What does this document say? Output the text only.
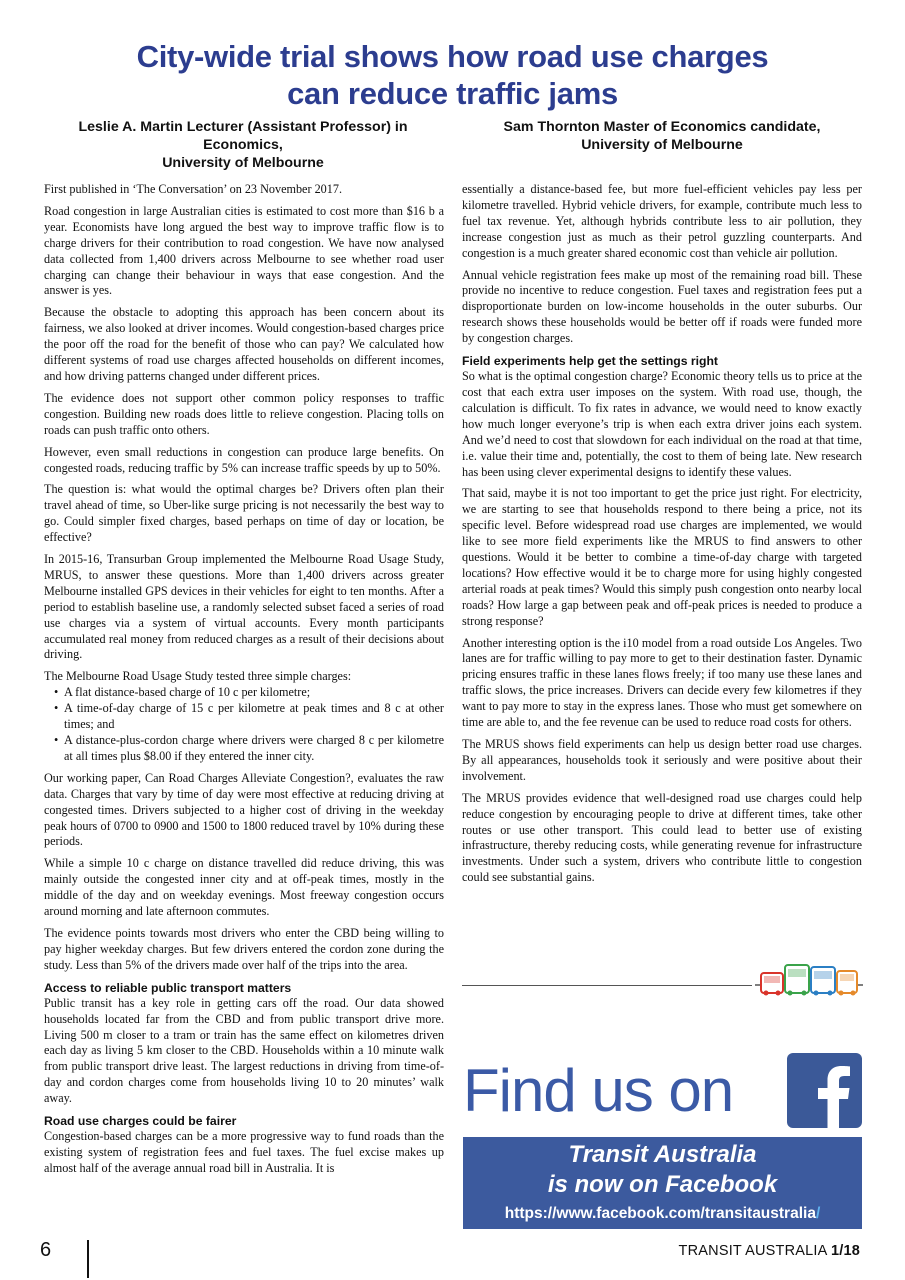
City-wide trial shows how road use charges
can reduce traffic jams
Leslie A. Martin Lecturer (Assistant Professor) in
Economics,
University of Melbourne
Sam Thornton Master of Economics candidate,
University of Melbourne

First published in ‘The Conversation’ on 23 November 2017.

Road congestion in large Australian cities is estimated to cost more than $16 b a year. Economists have long argued the best way to improve traffic flow is to charge drivers for their contribution to road congestion. We have now analysed data collected from 1,400 drivers across Melbourne to see whether road user charging can change their behaviour in ways that ease congestion. And the answer is yes.

Because the obstacle to adopting this approach has been concern about its fairness, we also looked at driver incomes. Would congestion-based charges price the poor off the road for the benefit of those who can pay? We calculated how different systems of road use charges affected households on different incomes, and how driving patterns changed under different prices.

The evidence does not support other common policy responses to traffic congestion. Building new roads does little to relieve congestion. Placing tolls on roads can push traffic onto others.

However, even small reductions in congestion can produce large benefits. On congested roads, reducing traffic by 5% can increase traffic speeds by up to 50%.

The question is: what would the optimal charges be? Drivers often plan their travel ahead of time, so Uber-like surge pricing is not necessarily the best way to go. Could simpler fixed charges, based perhaps on time of day or location, be effective?

In 2015-16, Transurban Group implemented the Melbourne Road Usage Study, MRUS, to answer these questions. More than 1,400 drivers across greater Melbourne installed GPS devices in their vehicles for eight to ten months. After a period to establish baseline use, a randomly selected subset faced a series of road use charges via a system of virtual accounts. Every month participants accumulated real money from reduced charges as a result of their decisions about driving.

The Melbourne Road Usage Study tested three simple charges:

• A flat distance-based charge of 10 c per kilometre;
• A time-of-day charge of 15 c per kilometre at peak times and 8 c at other times; and
• A distance-plus-cordon charge where drivers were charged 8 c per kilometre at all times plus $8.00 if they entered the inner city.

Our working paper, Can Road Charges Alleviate Congestion?, evaluates the raw data. Charges that vary by time of day were most effective at reducing driving at congested times. Drivers subjected to a higher cost of driving in the weekday peak hours of 0700 to 0900 and 1500 to 1800 reduced travel by 10% during these periods.

While a simple 10 c charge on distance travelled did reduce driving, this was mainly outside the congested inner city and at off-peak times, mostly in the middle of the day and on weekday evenings. Most freeway congestion occurs around morning and late afternoon commutes.

The evidence points towards most drivers who enter the CBD being willing to pay higher weekday charges. But few drivers entered the cordon zone during the study. Less than 5% of the drivers made over half of the trips into the area.

Access to reliable public transport matters

Public transit has a key role in getting cars off the road. Our data showed households located far from the CBD and from public transport drive more. Living 500 m closer to a tram or train has the same effect on kilometres driven each day as living 5 km closer to the CBD. Households within a 10 minute walk from public transport drive least. The largest reductions in driving from time-of-day and cordon charges come from households living 10 to 20 minutes’ walk away.

Road use charges could be fairer

Congestion-based charges can be a more progressive way to fund roads than the existing system of registration fees and fuel taxes. The fuel excise makes up almost half of the average annual road bill in Australia. It is

essentially a distance-based fee, but more fuel-efficient vehicles pay less per kilometre travelled. Hybrid vehicle drivers, for example, contribute much less to fuel tax revenue. Yet, although hybrids contribute less to air pollution, they increase congestion just as much as their petrol guzzling counterparts. And congestion is a much greater shared economic cost than vehicle air pollution.

Annual vehicle registration fees make up most of the remaining road bill. These provide no incentive to reduce congestion. Fuel taxes and registration fees put a disproportionate burden on low-income households in the outer suburbs. Our research shows these households would be better off if roads were funded more by congestion charges.

Field experiments help get the settings right

So what is the optimal congestion charge? Economic theory tells us to price at the cost that each extra user imposes on the system. With road use, though, the calculation is difficult. To fix rates in advance, we would need to know exactly how much longer everyone’s trip is when each extra driver joins each system. And we’d need to cost that slowdown for each individual on the road at that time, i.e. value their time and, potentially, the cost to them of being late. New research has been using clever experimental designs to identify these values.

That said, maybe it is not too important to get the price just right. For electricity, we are starting to see that households respond to there being a price, not its specific level. Before widespread road use charges are implemented, we would like to see more field experiments like the MRUS to find answers to other questions. Would it be better to combine a time-of-day charge with targeted locations? How effective would it be to charge more for using highly congested arterial roads at peak times? Would this simply push congestion onto nearby local roads? How large a gap between peak and off-peak prices is needed to produce a strong response?

Another interesting option is the i10 model from a road outside Los Angeles. Two lanes are for traffic willing to pay more to get to their destination faster. Dynamic pricing ensures traffic in these lanes flows freely; if too many use these lanes and traffic slows, the price increases. Drivers can decide every few kilometres if they want to pay more to stay in the express lanes. Those who must get somewhere on time are able to, and the fee revenue can be used to reduce road costs for others.

The MRUS shows field experiments can help us design better road use charges. By all appearances, households took it seriously and were positive about their involvement.

The MRUS provides evidence that well-designed road use charges could help reduce congestion by encouraging people to drive at different times, take other routes or use other transport. This could lead to better use of existing infrastructure, thereby reducing costs, while generating revenue for infrastructure investments. Under such a system, drivers who contribute little to congestion could see substantial gains.

Find us on
Transit Australia
is now on Facebook
https://www.facebook.com/transitaustralia/
6	TRANSIT AUSTRALIA 1/18
